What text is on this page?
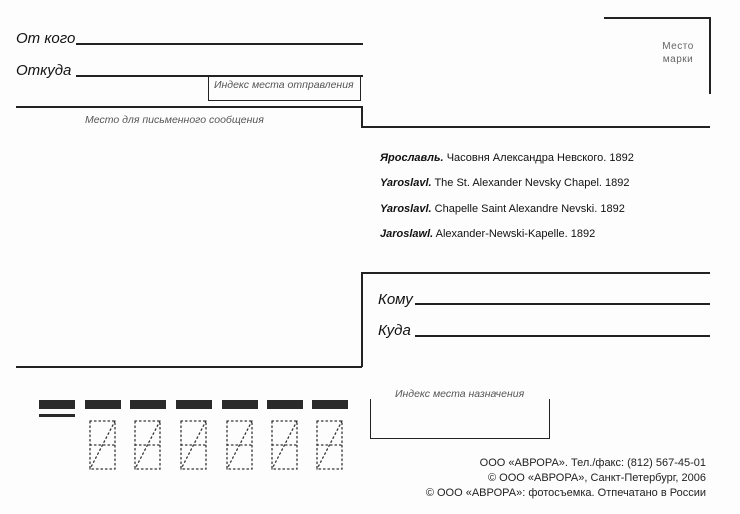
От кого
Откуда
Индекс места отправления
Место
марки
Место для письменного сообщения
Ярославль. Часовня Александра Невского. 1892
Yaroslavl. The St. Alexander Nevsky Chapel. 1892
Yaroslavl. Chapelle Saint Alexandre Nevski. 1892
Jaroslawl. Alexander-Newski-Kapelle. 1892
Кому
Куда
Индекс места назначения
ООО «АВРОРА». Тел./факс: (812) 567-45-01
© ООО «АВРОРА», Санкт-Петербург, 2006
© ООО «АВРОРА»: фотосъемка. Отпечатано в России
